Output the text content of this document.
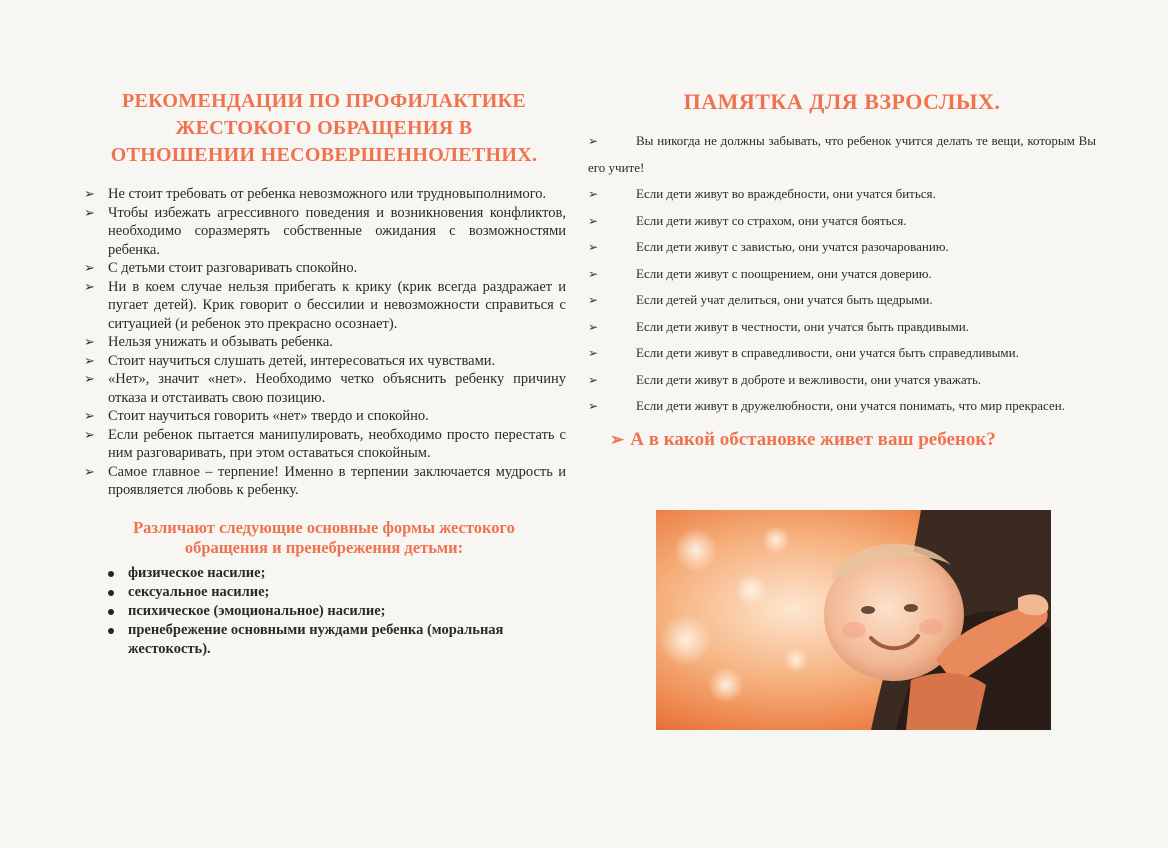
РЕКОМЕНДАЦИИ ПО ПРОФИЛАКТИКЕ
ЖЕСТОКОГО ОБРАЩЕНИЯ В
ОТНОШЕНИИ НЕСОВЕРШЕННОЛЕТНИХ.
➢ Не стоит требовать от ребенка невозможного или трудновыполнимого.
➢ Чтобы избежать агрессивного поведения и возникновения конфликтов, необходимо соразмерять собственные ожидания с возможностями ребенка.
➢ С детьми стоит разговаривать спокойно.
➢ Ни в коем случае нельзя прибегать к крику (крик всегда раздражает и пугает детей). Крик говорит о бессилии и невозможности справиться с ситуацией (и ребенок это прекрасно осознает).
➢ Нельзя унижать и обзывать ребенка.
➢ Стоит научиться слушать детей, интересоваться их чувствами.
➢ «Нет», значит «нет». Необходимо четко объяснить ребенку причину отказа и отстаивать свою позицию.
➢ Стоит научиться говорить «нет» твердо и спокойно.
➢ Если ребенок пытается манипулировать, необходимо просто перестать с ним разговаривать, при этом оставаться спокойным.
➢ Самое главное – терпение! Именно в терпении заключается мудрость и проявляется любовь к ребенку.
Различают следующие основные формы жестокого
обращения и пренебрежения детьми:
физическое насилие;
сексуальное насилие;
психическое (эмоциональное) насилие;
пренебрежение основными нуждами ребенка (моральная жестокость).
ПАМЯТКА ДЛЯ ВЗРОСЛЫХ.
➢	Вы никогда не должны забывать, что ребенок учится делать те вещи, которым Вы его учите!
➢	Если дети живут во враждебности, они учатся биться.
➢	Если дети живут со страхом, они учатся бояться.
➢	Если дети живут с завистью, они учатся разочарованию.
➢	Если дети живут с поощрением, они учатся доверию.
➢	Если детей учат делиться, они учатся быть щедрыми.
➢	Если дети живут в честности, они учатся быть правдивыми.
➢	Если дети живут в справедливости, они учатся быть справедливыми.
➢	Если дети живут в доброте и вежливости, они учатся уважать.
➢	Если дети живут в дружелюбности, они учатся понимать, что мир прекрасен.
➢ А в какой обстановке живет ваш ребенок?
